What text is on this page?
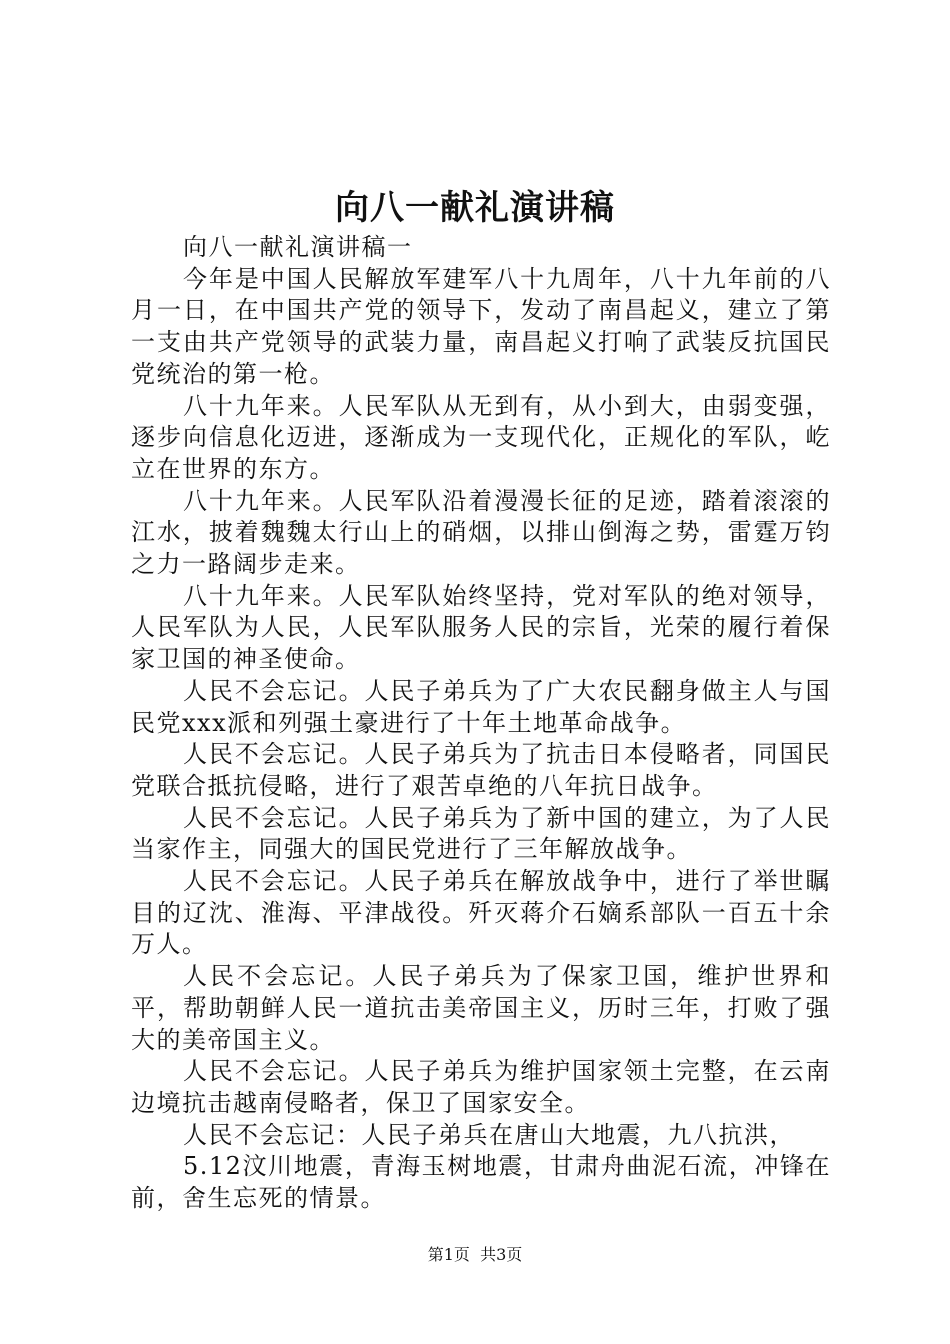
向八一献礼演讲稿

向八一献礼演讲稿一

今年是中国人民解放军建军八十九周年，八十九年前的八月一日，在中国共产党的领导下，发动了南昌起义，建立了第一支由共产党领导的武装力量，南昌起义打响了武装反抗国民党统治的第一枪。

八十九年来。人民军队从无到有，从小到大，由弱变强，逐步向信息化迈进，逐渐成为一支现代化，正规化的军队，屹立在世界的东方。

八十九年来。人民军队沿着漫漫长征的足迹，踏着滚滚的江水，披着魏魏太行山上的硝烟，以排山倒海之势，雷霆万钧之力一路阔步走来。

八十九年来。人民军队始终坚持，党对军队的绝对领导，人民军队为人民，人民军队服务人民的宗旨，光荣的履行着保家卫国的神圣使命。

人民不会忘记。人民子弟兵为了广大农民翻身做主人与国民党xxx派和列强土豪进行了十年土地革命战争。

人民不会忘记。人民子弟兵为了抗击日本侵略者，同国民党联合抵抗侵略，进行了艰苦卓绝的八年抗日战争。

人民不会忘记。人民子弟兵为了新中国的建立，为了人民当家作主，同强大的国民党进行了三年解放战争。

人民不会忘记。人民子弟兵在解放战争中，进行了举世瞩目的辽沈、淮海、平津战役。歼灭蒋介石嫡系部队一百五十余万人。

人民不会忘记。人民子弟兵为了保家卫国，维护世界和平，帮助朝鲜人民一道抗击美帝国主义，历时三年，打败了强大的美帝国主义。

人民不会忘记。人民子弟兵为维护国家领土完整，在云南边境抗击越南侵略者，保卫了国家安全。

人民不会忘记：人民子弟兵在唐山大地震，九八抗洪，

5.12汶川地震，青海玉树地震，甘肃舟曲泥石流，冲锋在前，舍生忘死的情景。

第1页 共3页
